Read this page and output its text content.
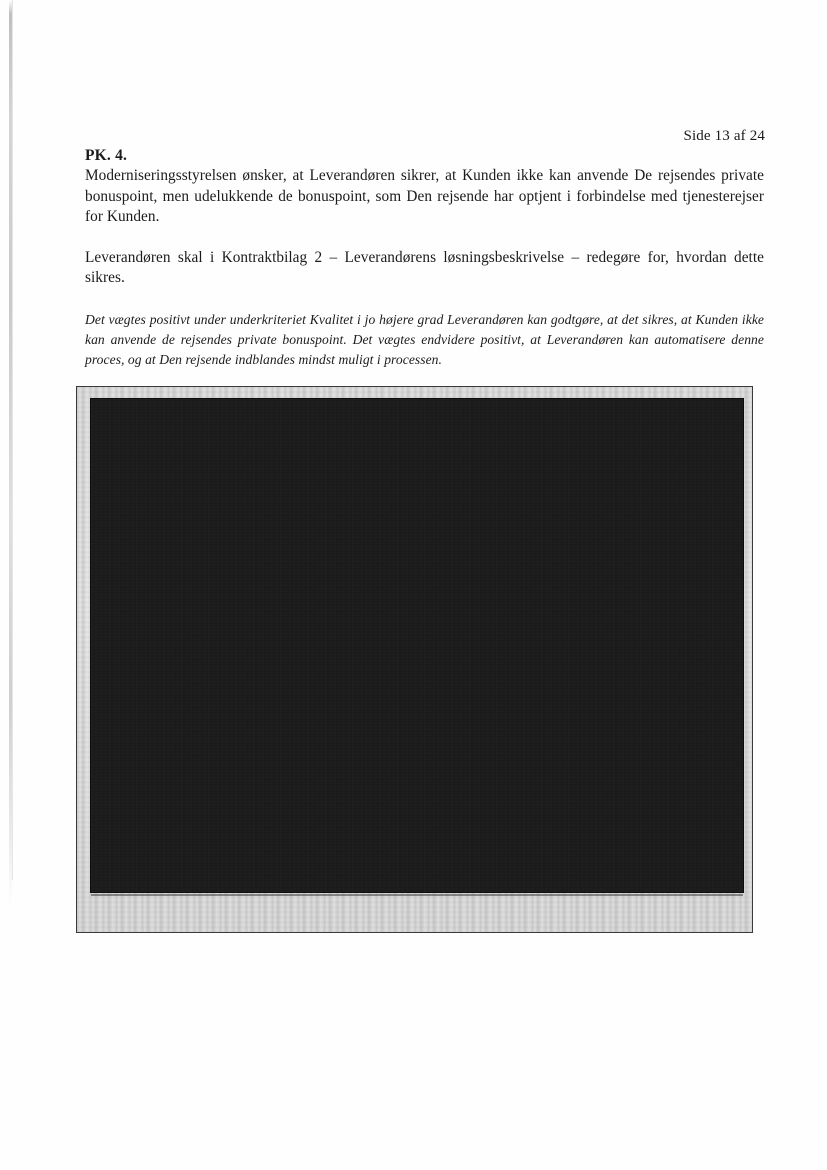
Side 13 af 24
PK. 4.

Moderniseringsstyrelsen ønsker, at Leverandøren sikrer, at Kunden ikke kan anvende De rejsendes private bonuspoint, men udelukkende de bonuspoint, som Den rejsende har optjent i forbindelse med tjenesterejser for Kunden.

Leverandøren skal i Kontraktbilag 2 – Leverandørens løsningsbeskrivelse – redegøre for, hvordan dette sikres.

Det vægtes positivt under underkriteriet Kvalitet i jo højere grad Leverandøren kan godtgøre, at det sikres, at Kunden ikke kan anvende de rejsendes private bonuspoint. Det vægtes endvidere positivt, at Leverandøren kan automatisere denne proces, og at Den rejsende indblandes mindst muligt i processen.
